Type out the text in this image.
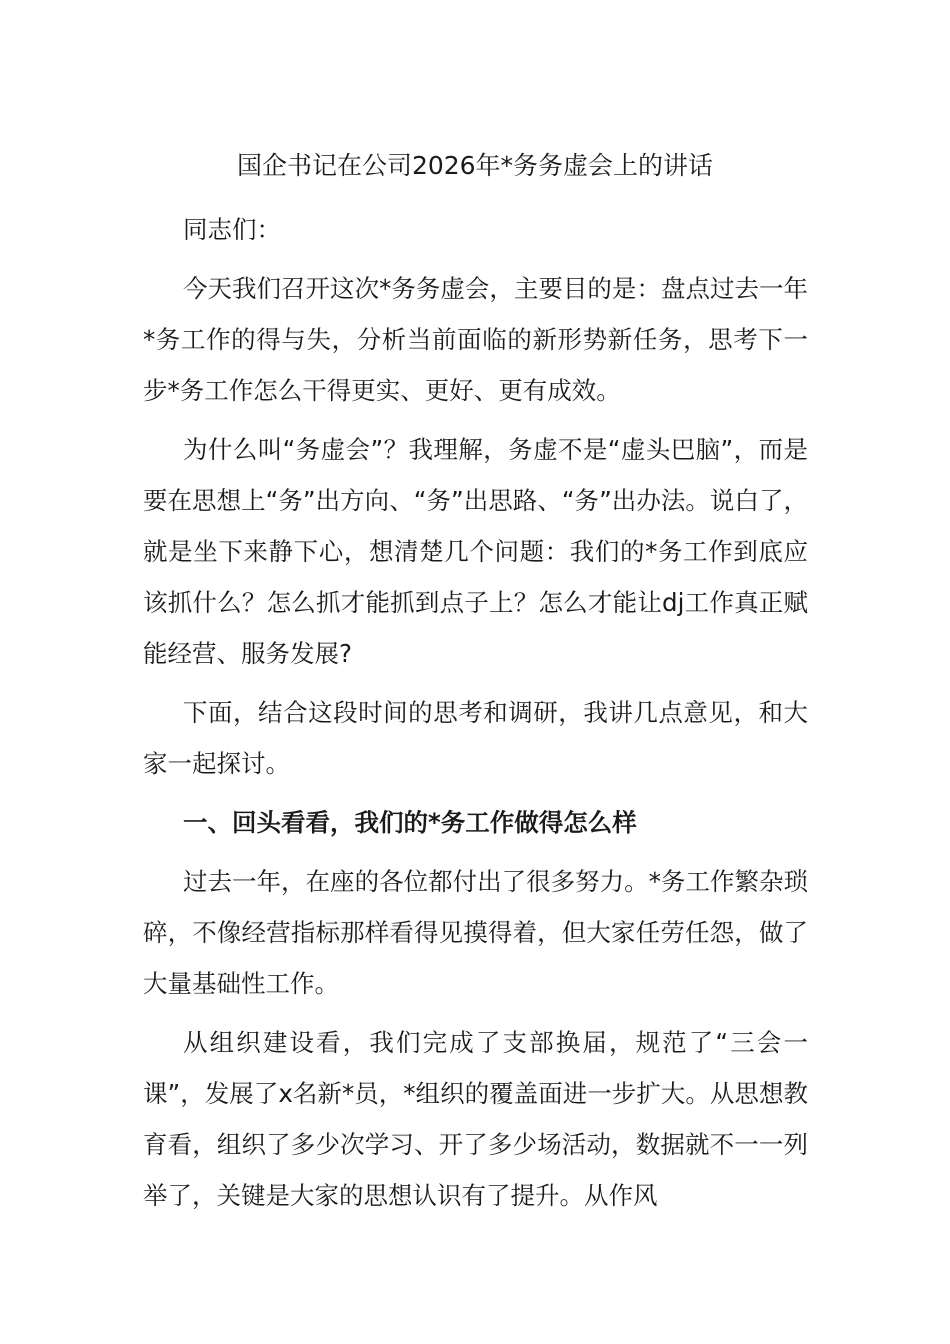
国企书记在公司2026年*务务虚会上的讲话

同志们：

今天我们召开这次*务务虚会，主要目的是：盘点过去一年*务工作的得与失，分析当前面临的新形势新任务，思考下一步*务工作怎么干得更实、更好、更有成效。

为什么叫“务虚会”？我理解，务虚不是“虚头巴脑”，而是要在思想上“务”出方向、“务”出思路、“务”出办法。说白了，就是坐下来静下心，想清楚几个问题：我们的*务工作到底应该抓什么？怎么抓才能抓到点子上？怎么才能让dj工作真正赋能经营、服务发展?

下面，结合这段时间的思考和调研，我讲几点意见，和大家一起探讨。

一、回头看看，我们的*务工作做得怎么样

过去一年，在座的各位都付出了很多努力。*务工作繁杂琐碎，不像经营指标那样看得见摸得着，但大家任劳任怨，做了大量基础性工作。

从组织建设看，我们完成了支部换届，规范了“三会一课”，发展了x名新*员，*组织的覆盖面进一步扩大。从思想教育看，组织了多少次学习、开了多少场活动，数据就不一一列举了，关键是大家的思想认识有了提升。从作风
